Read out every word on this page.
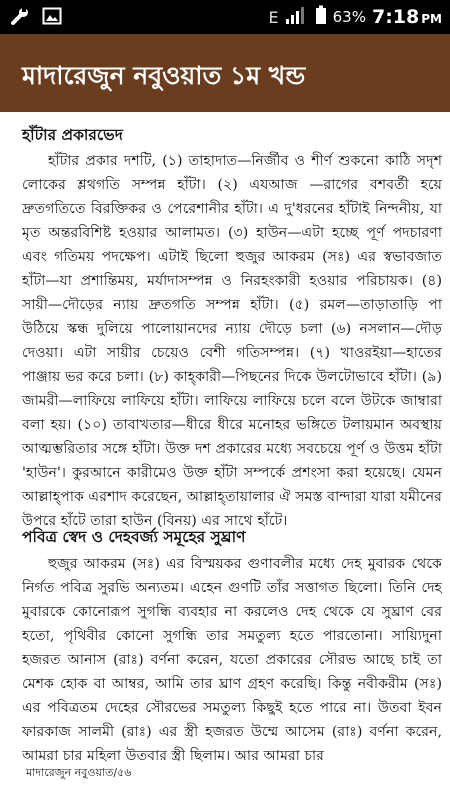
E	63% 7:18 PM
মাদারেজুন নবুওয়াত ১ম খন্ড
হাঁটার প্রকারভেদ
হাঁটার প্রকার দশটি, (১) তাহাদাত—নির্জীব ও শীর্ণ শুকনো কাঠি সদৃশ লোকের শ্লথগতি সম্পন্ন হাঁটা। (২) এযআজ —রাগের বশবর্তী হয়ে দ্রুতগতিতে বিরক্তিকর ও পেরেশানীর হাঁটা। এ দু'ধরনের হাঁটাই নিন্দনীয়, যা মৃত অন্তরবিশিষ্ট হওয়ার আলামত। (৩) হাউন—এটা হচ্ছে পূর্ণ পদচারণা এবং গতিময় পদক্ষেপ। এটাই ছিলো হুজুর আকরম (সঃ) এর স্বভাবজাত হাঁটা—যা প্রশান্তিময়, মর্যাদাসম্পন্ন ও নিরহংকারী হওয়ার পরিচায়ক। (৪) সায়ী—দৌড়ের ন্যায় দ্রুতগতি সম্পন্ন হাঁটা। (৫) রমল—তাড়াতাড়ি পা উঠিয়ে স্কন্ধ দুলিয়ে পালোয়ানদের ন্যায় দৌড়ে চলা (৬) নসলান—দৌড় দেওয়া। এটা সায়ীর চেয়েও বেশী গতিসম্পন্ন। (৭) খাওরইয়া—হাতের পাঞ্জায় ভর করে চলা। (৮) কাহ্‌কারী—পিছনের দিকে উলটোভাবে হাঁটা। (৯) জামরী—লাফিয়ে লাফিয়ে হাঁটা। লাফিয়ে লাফিয়ে চলে বলে উটকে জাম্বারা বলা হয়। (১০) তাবাখতার—ধীরে ধীরে মনোহর ভঙ্গিতে টলায়মান অবস্থায় আত্মম্ভরিতার সঙ্গে হাঁটা। উক্ত দশ প্রকারের মধ্যে সবচেয়ে পূর্ণ ও উত্তম হাঁটা 'হাউন'। কুরআনে কারীমেও উক্ত হাঁটা সম্পর্কে প্রশংসা করা হয়েছে। যেমন আল্লাহ্‌পাক এরশাদ করেছেন, আল্লাহ্‌তায়ালার ঐ সমস্ত বান্দারা যারা যমীনের উপরে হাঁটে তারা হাউন (বিনয়) এর সাথে হাঁটে।
পবিত্র স্বেদ ও দেহবর্জ্য সমূহের সুঘ্রাণ
হুজুর আকরম (সঃ) এর বিস্ময়কর গুণাবলীর মধ্যে দেহ মুবারক থেকে নির্গত পবিত্র সুরভি অন্যতম। এহেন গুণটি তাঁর সত্তাগত ছিলো। তিনি দেহ মুবারকে কোনোরূপ সুগন্ধি ব্যবহার না করলেও দেহ থেকে যে সুঘ্রাণ বের হতো, পৃথিবীর কোনো সুগন্ধি তার সমতুল্য হতে পারতোনা। সায়্যিদুনা হজরত আনাস (রাঃ) বর্ণনা করেন, যতো প্রকারের সৌরভ আছে চাই তা মেশক হোক বা আম্বর, আমি তার ঘ্রাণ গ্রহণ করেছি। কিন্তু নবীকরীম (সঃ) এর পবিত্রতম দেহের সৌরভের সমতুল্য কিছুই হতে পারে না। উতবা ইবন ফারকাজ সালমী (রাঃ) এর স্ত্রী হজরত উম্মে আসেম (রাঃ) বর্ণনা করেন, আমরা চার মহিলা উতবার স্ত্রী ছিলাম। আর আমরা চার
মাদারেজুন নবুওয়াত/৫৬
